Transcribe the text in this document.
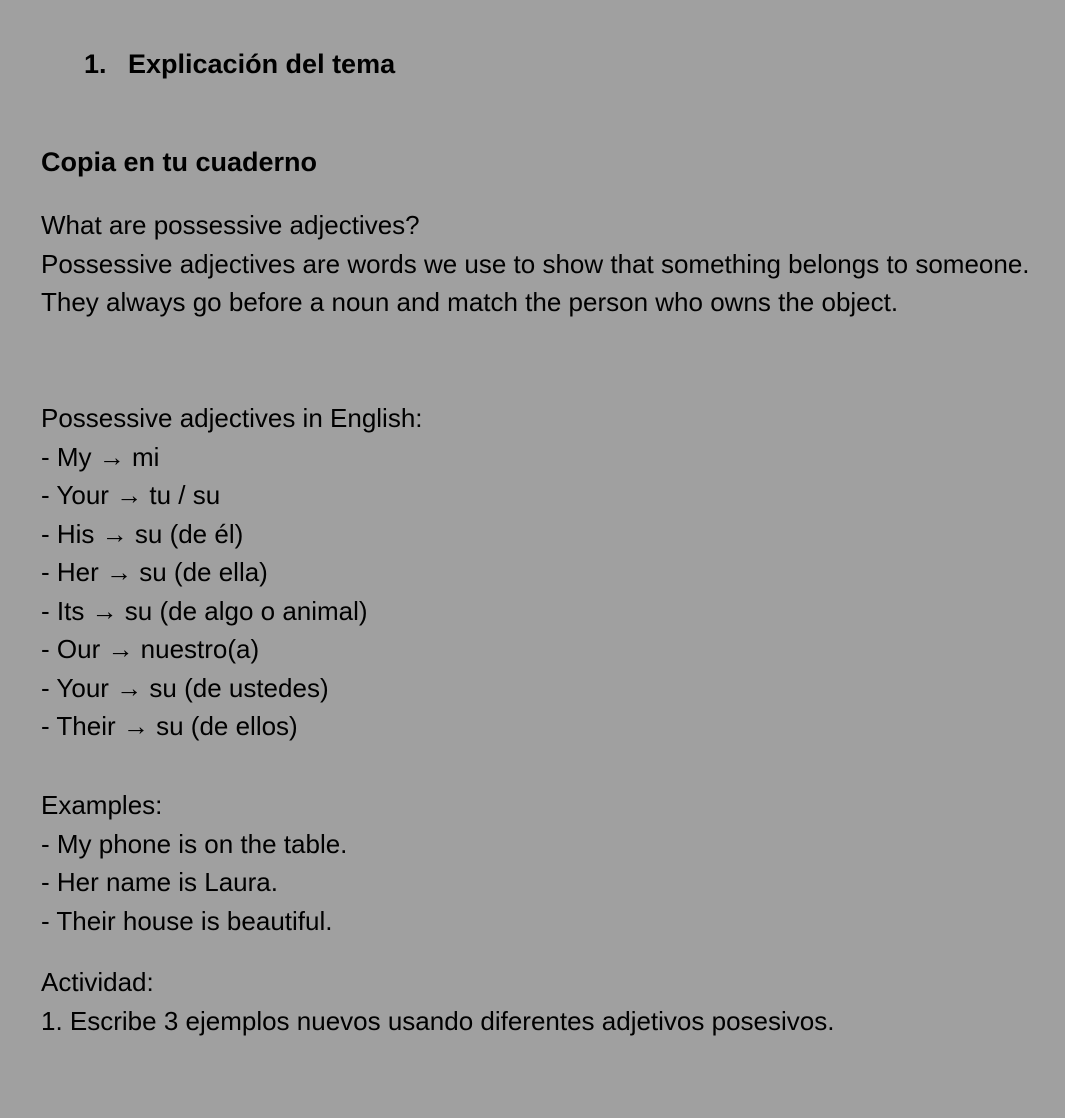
1. Explicación del tema
Copia en tu cuaderno
What are possessive adjectives?
Possessive adjectives are words we use to show that something belongs to someone. They always go before a noun and match the person who owns the object.
Possessive adjectives in English:
- My → mi
- Your → tu / su
- His → su (de él)
- Her → su (de ella)
- Its → su (de algo o animal)
- Our → nuestro(a)
- Your → su (de ustedes)
- Their → su (de ellos)
Examples:
- My phone is on the table.
- Her name is Laura.
- Their house is beautiful.
Actividad:
1. Escribe 3 ejemplos nuevos usando diferentes adjetivos posesivos.
